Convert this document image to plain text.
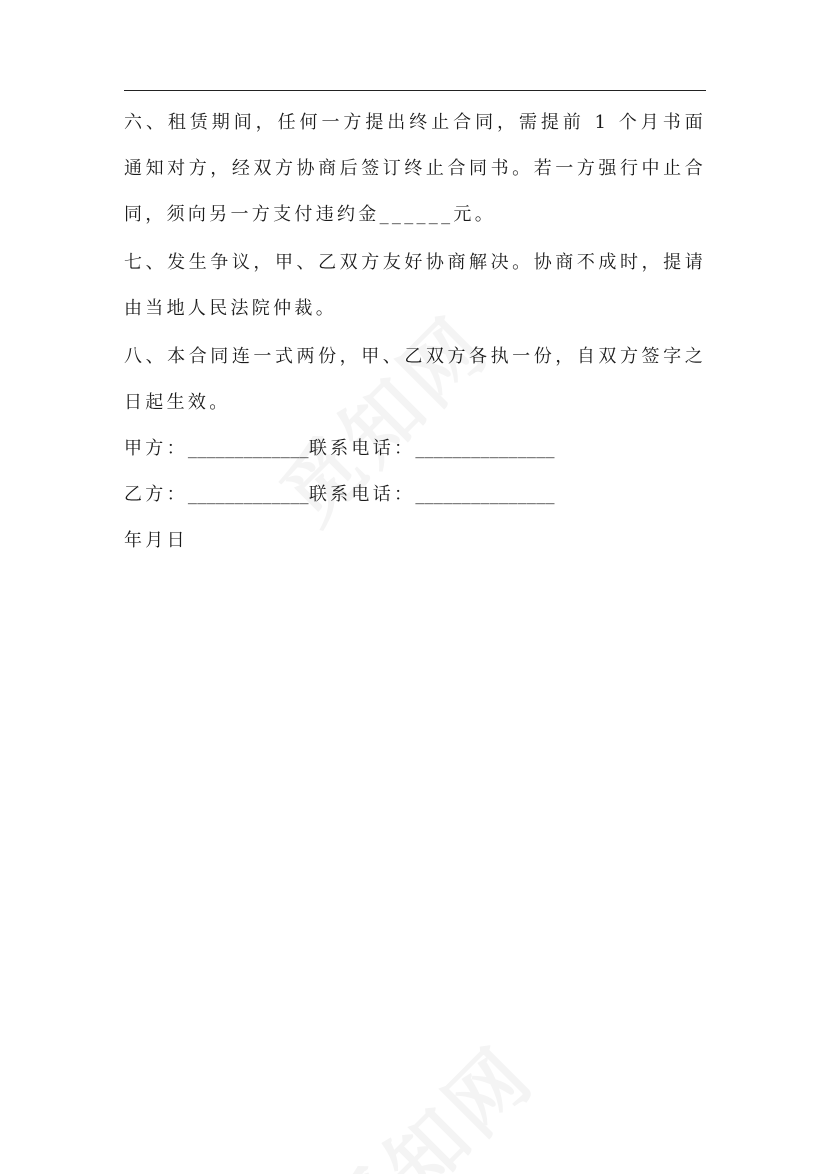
六、租赁期间，任何一方提出终止合同，需提前 1 个月书面通知对方，经双方协商后签订终止合同书。若一方强行中止合同，须向另一方支付违约金______元。

七、发生争议，甲、乙双方友好协商解决。协商不成时，提请由当地人民法院仲裁。

八、本合同连一式两份，甲、乙双方各执一份，自双方签字之日起生效。

甲方：_____________联系电话：_______________

乙方：_____________联系电话：_______________

年月日
